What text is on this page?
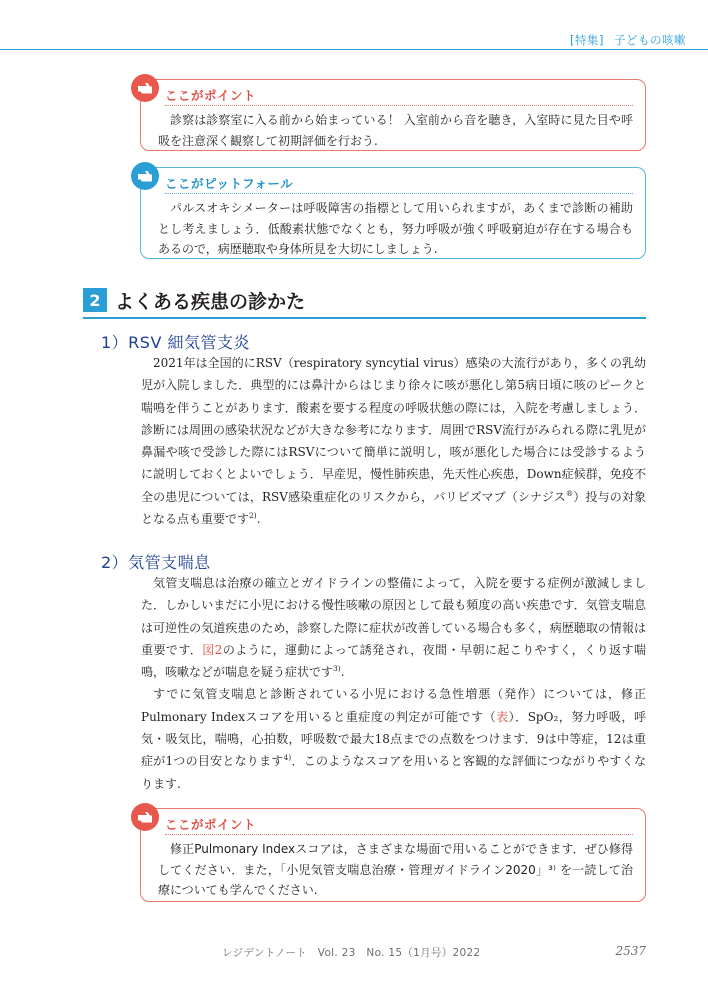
[特集] 子どもの咳嗽
ここがポイント

診察は診察室に入る前から始まっている！ 入室前から音を聴き，入室時に見た目や呼吸を注意深く観察して初期評価を行おう.

ここがピットフォール

パルスオキシメーターは呼吸障害の指標として用いられますが，あくまで診断の補助とし考えましょう．低酸素状態でなくとも，努力呼吸が強く呼吸窮迫が存在する場合もあるので，病歴聴取や身体所見を大切にしましょう.

2 よくある疾患の診かた
1）RSV 細気管支炎

2021年は全国的にRSV（respiratory syncytial virus）感染の大流行があり，多くの乳幼児が入院しました．典型的には鼻汁からはじまり徐々に咳が悪化し第5病日頃に咳のピークと喘鳴を伴うことがあります．酸素を要する程度の呼吸状態の際には，入院を考慮しましょう．診断には周囲の感染状況などが大きな参考になります．周囲でRSV流行がみられる際に乳児が鼻漏や咳で受診した際にはRSVについて簡単に説明し，咳が悪化した場合には受診するように説明しておくとよいでしょう．早産児，慢性肺疾患，先天性心疾患，Down症候群，免疫不全の患児については，RSV感染重症化のリスクから，パリビズマブ（シナジス®）投与の対象となる点も重要です$^{2)}$.

2）気管支喘息

気管支喘息は治療の確立とガイドラインの整備によって，入院を要する症例が激減しました．しかしいまだに小児における慢性咳嗽の原因として最も頻度の高い疾患です．気管支喘息は可逆性の気道疾患のため，診察した際に症状が改善している場合も多く，病歴聴取の情報は重要です．図2のように，運動によって誘発され，夜間・早朝に起こりやすく，くり返す喘鳴，咳嗽などが喘息を疑う症状です$^{3)}$.

すでに気管支喘息と診断されている小児における急性増悪（発作）については，修正Pulmonary Indexスコアを用いると重症度の判定が可能です（表）．SpO₂，努力呼吸，呼気・吸気比，喘鳴，心拍数，呼吸数で最大18点までの点数をつけます．9は中等症，12は重症が1つの目安となります$^{4)}$．このようなスコアを用いると客観的な評価につながりやすくなります.

ここがポイント

修正Pulmonary Indexスコアは，さまざまな場面で用いることができます．ぜひ修得してください．また，「小児気管支喘息治療・管理ガイドライン2020」³⁾ を一読して治療についても学んでください.

レジデントノート　Vol. 23　No. 15（1月号）2022	2537
